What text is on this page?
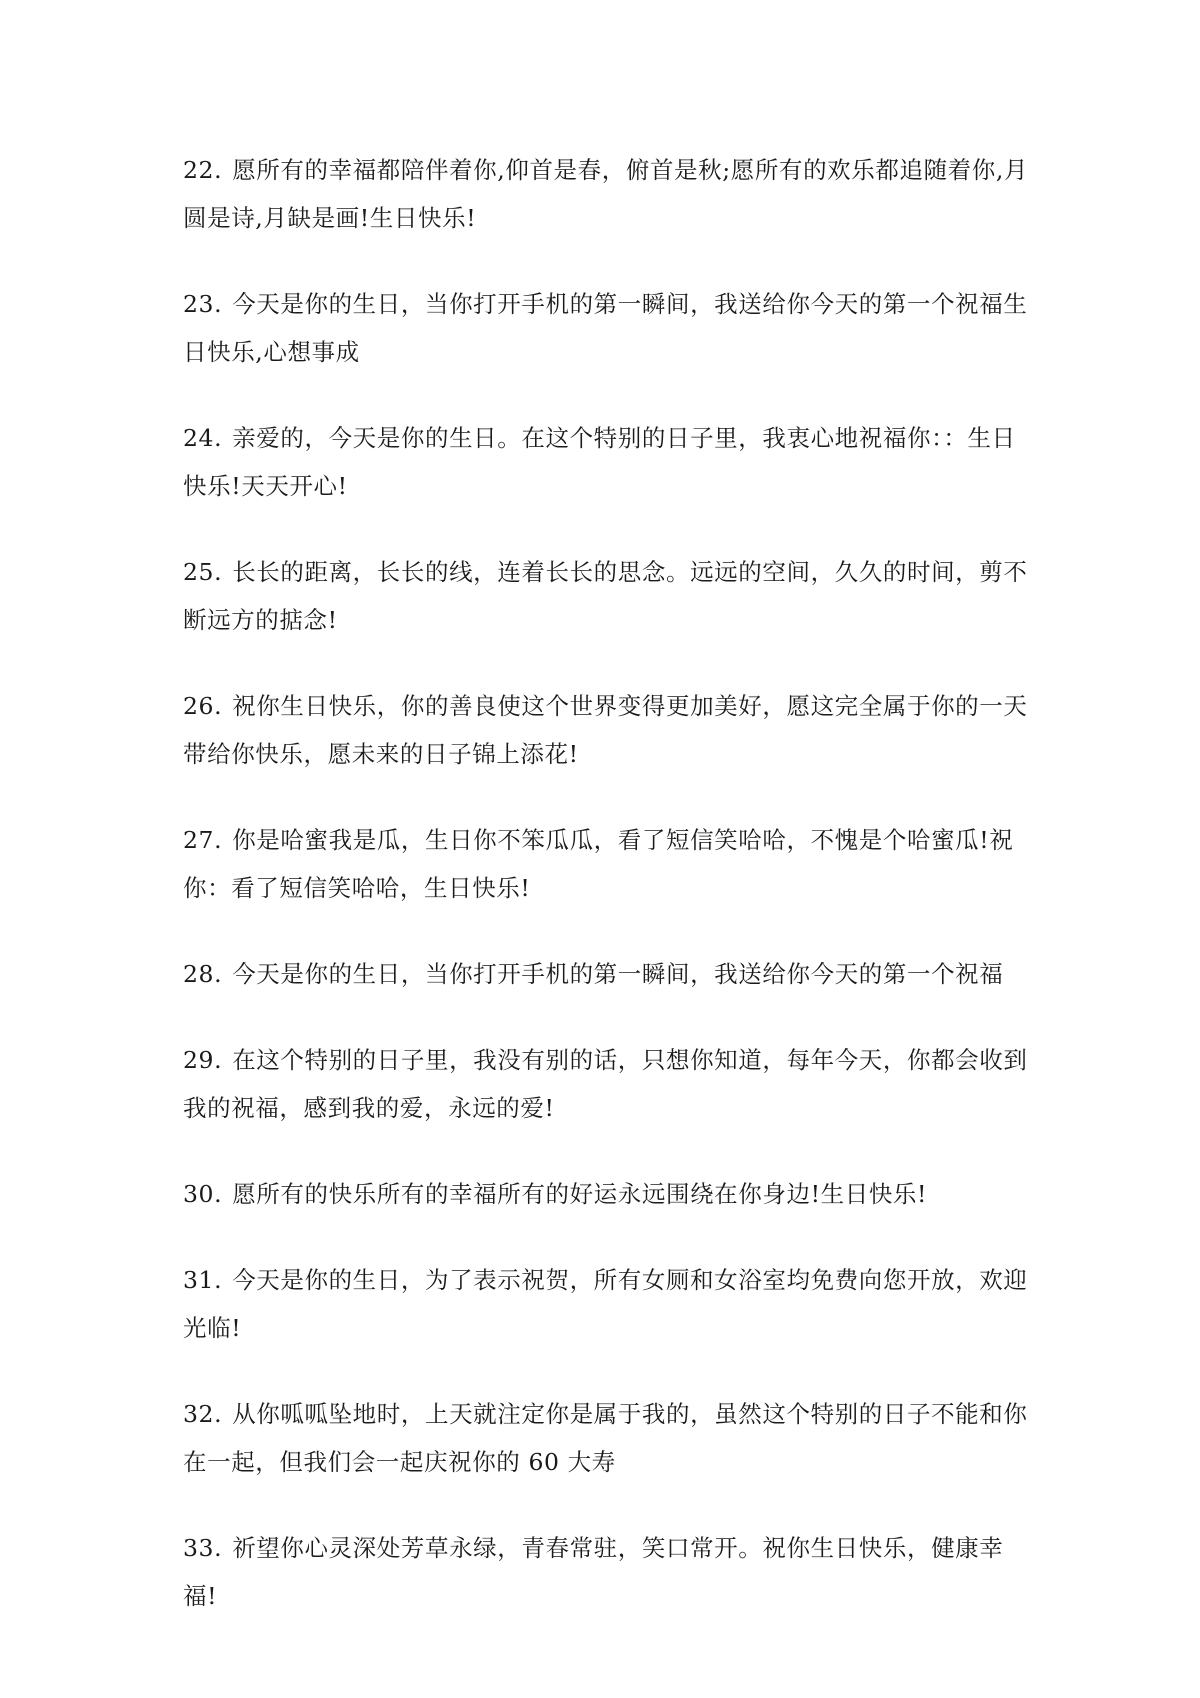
22. 愿所有的幸福都陪伴着你,仰首是春，俯首是秋;愿所有的欢乐都追随着你,月圆是诗,月缺是画!生日快乐!

23. 今天是你的生日，当你打开手机的第一瞬间，我送给你今天的第一个祝福生日快乐,心想事成

24. 亲爱的，今天是你的生日。在这个特别的日子里，我衷心地祝福你：：生日快乐!天天开心!

25. 长长的距离，长长的线，连着长长的思念。远远的空间，久久的时间，剪不断远方的掂念!

26. 祝你生日快乐，你的善良使这个世界变得更加美好，愿这完全属于你的一天带给你快乐，愿未来的日子锦上添花!

27. 你是哈蜜我是瓜，生日你不笨瓜瓜，看了短信笑哈哈，不愧是个哈蜜瓜!祝你：看了短信笑哈哈，生日快乐!

28. 今天是你的生日，当你打开手机的第一瞬间，我送给你今天的第一个祝福

29. 在这个特别的日子里，我没有别的话，只想你知道，每年今天，你都会收到我的祝福，感到我的爱，永远的爱!

30. 愿所有的快乐所有的幸福所有的好运永远围绕在你身边!生日快乐!

31. 今天是你的生日，为了表示祝贺，所有女厕和女浴室均免费向您开放，欢迎光临!

32. 从你呱呱坠地时，上天就注定你是属于我的，虽然这个特别的日子不能和你在一起，但我们会一起庆祝你的 60 大寿

33. 祈望你心灵深处芳草永绿，青春常驻，笑口常开。祝你生日快乐，健康幸福!
